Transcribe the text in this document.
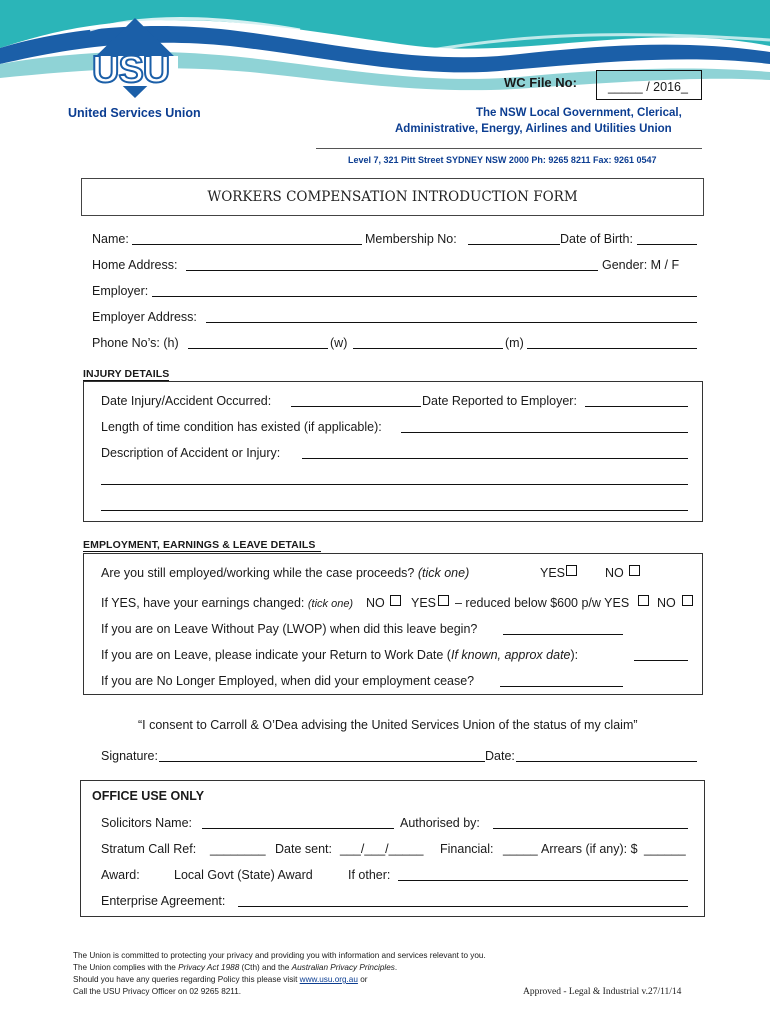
USU
United Services Union
WC File No: _____ / 2016_
The NSW Local Government, Clerical,
Administrative, Energy, Airlines and Utilities Union
Level 7, 321 Pitt Street SYDNEY NSW 2000 Ph: 9265 8211 Fax: 9261 0547
WORKERS COMPENSATION INTRODUCTION FORM
Name:	Membership No:	Date of Birth:
Home Address:	Gender: M / F
Employer:
Employer Address:
Phone No’s: (h)	(w)	(m)
INJURY DETAILS
Date Injury/Accident Occurred:	Date Reported to Employer:
Length of time condition has existed (if applicable):
Description of Accident or Injury:
EMPLOYMENT, EARNINGS & LEAVE DETAILS
Are you still employed/working while the case proceeds? (tick one)	YES	NO
If YES, have your earnings changed: (tick one) NO YES – reduced below $600 p/w YES NO
If you are on Leave Without Pay (LWOP) when did this leave begin?
If you are on Leave, please indicate your Return to Work Date (If known, approx date):
If you are No Longer Employed, when did your employment cease?
“I consent to Carroll & O’Dea advising the United Services Union of the status of my claim”
Signature:	Date:
OFFICE USE ONLY
Solicitors Name:	Authorised by:
Stratum Call Ref: ________ Date sent: ___/___/_____ Financial: _____ Arrears (if any): $ ______
Award:	Local Govt (State) Award	If other:
Enterprise Agreement:
The Union is committed to protecting your privacy and providing you with information and services relevant to you.
The Union complies with the Privacy Act 1988 (Cth) and the Australian Privacy Principles.
Should you have any queries regarding Policy this please visit www.usu.org.au or
Call the USU Privacy Officer on 02 9265 8211.	Approved - Legal & Industrial v.27/11/14
